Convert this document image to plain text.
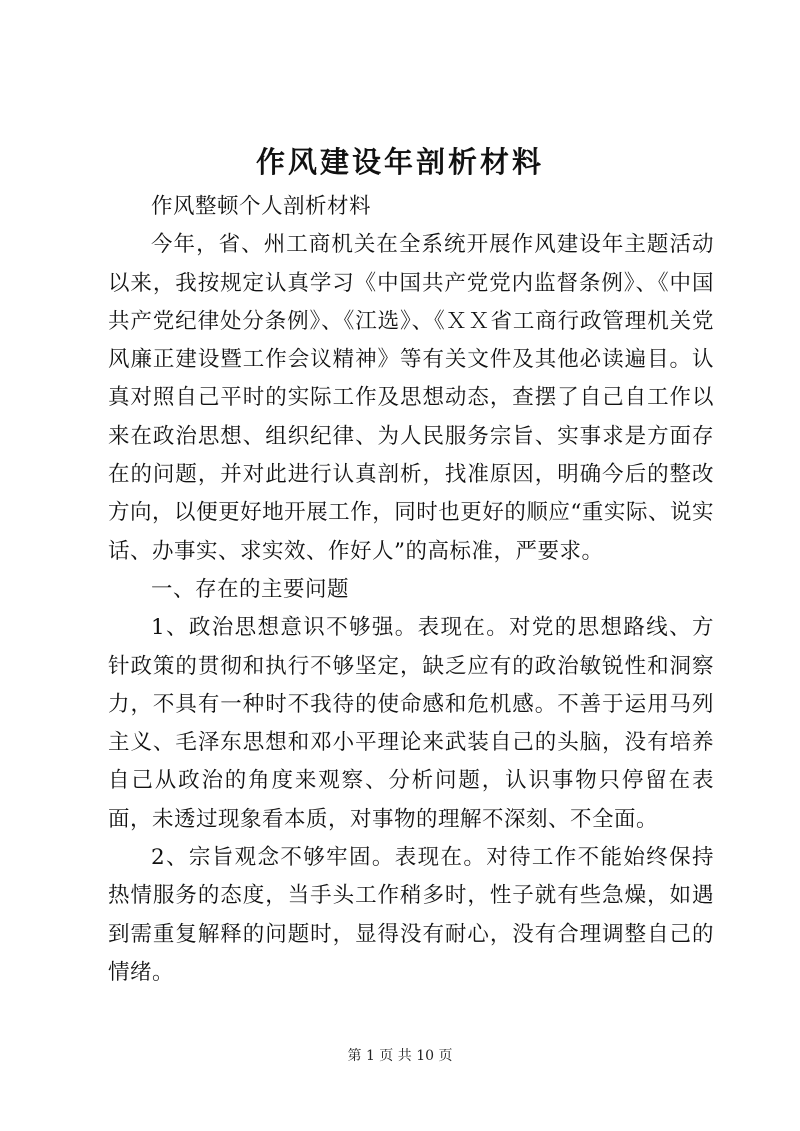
作风建设年剖析材料

作风整顿个人剖析材料

今年，省、州工商机关在全系统开展作风建设年主题活动以来，我按规定认真学习《中国共产党党内监督条例》、《中国共产党纪律处分条例》、《江选》、《ＸＸ省工商行政管理机关党风廉正建设暨工作会议精神》等有关文件及其他必读遍目。认真对照自己平时的实际工作及思想动态，查摆了自己自工作以来在政治思想、组织纪律、为人民服务宗旨、实事求是方面存在的问题，并对此进行认真剖析，找准原因，明确今后的整改方向，以便更好地开展工作，同时也更好的顺应“重实际、说实话、办事实、求实效、作好人”的高标准，严要求。

一、存在的主要问题

1、政治思想意识不够强。表现在。对党的思想路线、方针政策的贯彻和执行不够坚定，缺乏应有的政治敏锐性和洞察力，不具有一种时不我待的使命感和危机感。不善于运用马列主义、毛泽东思想和邓小平理论来武装自己的头脑，没有培养自己从政治的角度来观察、分析问题，认识事物只停留在表面，未透过现象看本质，对事物的理解不深刻、不全面。

2、宗旨观念不够牢固。表现在。对待工作不能始终保持热情服务的态度，当手头工作稍多时，性子就有些急燥，如遇到需重复解释的问题时，显得没有耐心，没有合理调整自己的情绪。

第 1 页 共 10 页
